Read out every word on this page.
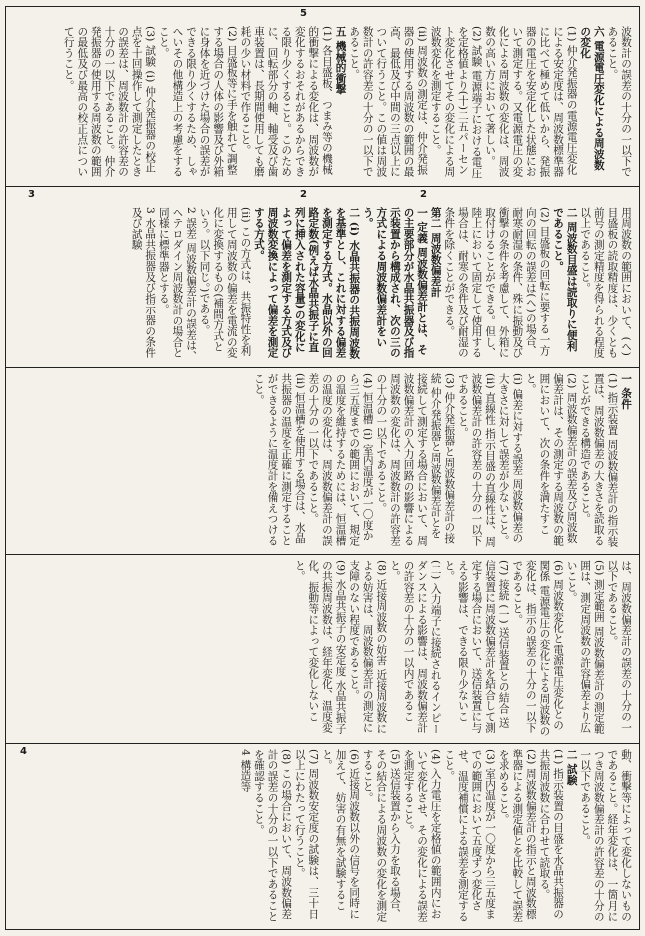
5
4
2
2
3

波数計の誤差の十分の一以下であること。

六 電源電圧変化による周波数の変化

(1) 仲介発振器の電源電圧変化による安定度は、周波数標準器に比べて極めて低いから、発振器の電圧を安定化した状態において測定する。又電源電圧の変化による周波数の変化は、周波数の高い方において著しい。

(2) 試験 電源端子における電圧を定格値より(十)二五パーセント変化させてその変化による周波数変化を測定すること。

(ii) 周波数の測定は、仲介発振器の使用する周波数の範囲の最高、最低及び中間の三点以上について行うこと。この値は周波数計の許容差の十分の一以下であること。

五 機械的衝撃

(1) 各目盛板、つまみ等の機械的衝撃による変化は、周波数が変化するおそれがあるからできる限り少くすること。このために、回転部分の軸、軸受及び歯車装置は、長期間使用しても磨耗の少い材料で作ること。

(2) 目盛板等に手を触れて調整する場合の人体の影響及び外箱に身体を近づけた場合の誤差ができる限り少くするため、しゃへいその他構造上の考慮をすること。

(3) 試験 (i) 仲介発振器の校正点を十回操作して測定したときの誤差は、周波数計の許容差の十分の一以下であること。仲介発振器の使用する周波数の範囲の最低及び最高の校正点について行うこと。

用周波数の範囲において、(ヘ)目盛板の読取精度は、少くとも前号の測定精度を得られる程度以上であること。

二 周波数目盛は読取りに便利であること。

(2) 目盛板の回転に要する一方向の回転の誤差は(ヘ)の場合、耐寒耐湿の条件、殊に振動及び衝撃の条件を考慮して、外箱に取付けることができる。但し、陸上において固定して使用する場合は、耐寒の条件及び耐湿の条件を除くことができる。

第二 周波数偏差計

一 定義 周波数偏差計とは、その主要部分が水晶共振器及び指示装置から構成され、次の三の方式による周波数偏差計をいう。

二 (i) 水晶共振器の共振周波数を基準とし、これに対する偏差を測定する方式。水晶以外の回路定数(例えば水晶共振子に直列に挿入された容量)の変化によって偏差を測定する方式及び周波数変換によって偏差を測定する方式。

(ii) この方式は、共振特性を利用して周波数の偏差を電流の変化に変換するもの(補間方式という。以下同じ。)である。

2 誤差 周波数偏差計の誤差は、ヘテロダイン周波数計の場合と同様に標準器とする。

3 水晶共振器及び指示器の条件及び試験

一 条件

(1) 指示装置 周波数偏差計の指示装置は、周波数偏差の大きさを読取ることができる構造であること。

(2) 周波数偏差計の誤差及び周波数偏差計は、その測定する周波数の範囲において、次の条件を満たすこと。

(i) 偏差に対する誤差 周波数偏差の大きさに対して誤差が少ないこと。

(ii) 直線性 指示目盛の直線性は、周波数偏差計の許容差の十分の一以下であること。

(3) 仲介発振器と周波数偏差計の接続 仲介発振器と周波数偏差計とを接続して測定する場合において、周波数偏差計の入力回路の影響による周波数の変化は、周波数計の許容差の十分の一以下であること。

(4) 恒温槽 (i) 室内温度が一〇度から三五度までの範囲において、規定の温度を維持するためには、恒温槽の温度の変化は、周波数偏差計の誤差の十分の一以下であること。

(ii) 恒温槽を使用する場合は、水晶共振器の温度を正確に測定することができるように温度計を備えつけること。

は、周波数偏差計の誤差の十分の一以下であること。

(5) 測定範囲 周波数偏差計の測定範囲は、測定周波数の許容偏差より広いこと。

(6) 周波数変化と電源電圧変化との関係 電源電圧の変化による周波数の変化は、指示の誤差の十分の一以下であること。

(7) 接続 (一) 送信装置との結合 送信装置に周波数偏差計を結合して測定する場合において、送信装置に与える影響は、できる限り少ないこと。

(二) 入力端子に接続されるインピーダンスによる影響は、周波数偏差計の許容差の十分の一以内であること。

(8) 近接周波数の妨害 近接周波数による妨害は、周波数偏差計の測定に支障のない程度であること。

(9) 水晶共振子の安定度 水晶共振子の共振周波数は、経年変化、温度変化、振動等によって変化しないこと。

動、衝撃等によって変化しないものであること。経年変化は、一箇月につき周波数偏差計の許容差の十分の一以下であること。

二 試験

(1) 指示装置の目盛を水晶共振器の共振周波数に合わせて読取る。

(2) 周波数偏差計の指示と周波数標準器による測定値とを比較して誤差を求めること。

(3) 室内温度が一〇度から三五度までの範囲において五度ずつ変化させ、温度補償による誤差を測定すること。

(4) 入力電圧を定格値の範囲内において変化させ、その変化による誤差を測定すること。

(5) 送信装置から入力を取る場合、その結合による周波数の変化を測定すること。

(6) 近接周波数以外の信号を同時に加えて、妨害の有無を試験すること。

(7) 周波数安定度の試験は、三十日以上にわたって行うこと。

(8) この場合において、周波数偏差計の誤差の十分の一以下であることを確認すること。

4 構造等
